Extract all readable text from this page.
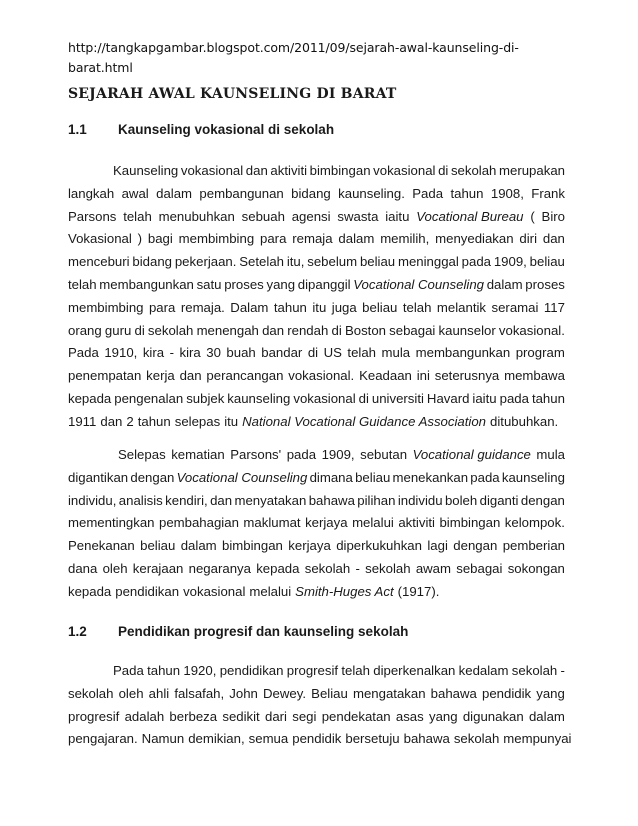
http://tangkapgambar.blogspot.com/2011/09/sejarah-awal-kaunseling-di-barat.html
SEJARAH AWAL KAUNSELING DI BARAT
1.1 Kaunseling vokasional di sekolah
Kaunseling vokasional dan aktiviti bimbingan vokasional di sekolah merupakan
langkah awal dalam pembangunan bidang kaunseling. Pada tahun 1908, Frank
Parsons telah menubuhkan sebuah agensi swasta iaitu Vocational Bureau ( Biro
Vokasional ) bagi membimbing para remaja dalam memilih, menyediakan diri dan
menceburi bidang pekerjaan. Setelah itu, sebelum beliau meninggal pada 1909, beliau
telah membangunkan satu proses yang dipanggil Vocational Counseling dalam proses
membimbing para remaja. Dalam tahun itu juga beliau telah melantik seramai 117
orang guru di sekolah menengah dan rendah di Boston sebagai kaunselor vokasional.
Pada 1910, kira - kira 30 buah bandar di US telah mula membangunkan program
penempatan kerja dan perancangan vokasional. Keadaan ini seterusnya membawa
kepada pengenalan subjek kaunseling vokasional di universiti Havard iaitu pada tahun
1911 dan 2 tahun selepas itu National Vocational Guidance Association ditubuhkan.
Selepas kematian Parsons' pada 1909, sebutan Vocational guidance mula
digantikan dengan Vocational Counseling dimana beliau menekankan pada kaunseling
individu, analisis kendiri, dan menyatakan bahawa pilihan individu boleh diganti dengan
mementingkan pembahagian maklumat kerjaya melalui aktiviti bimbingan kelompok.
Penekanan beliau dalam bimbingan kerjaya diperkukuhkan lagi dengan pemberian
dana oleh kerajaan negaranya kepada sekolah - sekolah awam sebagai sokongan
kepada pendidikan vokasional melalui Smith-Huges Act (1917).
1.2 Pendidikan progresif dan kaunseling sekolah
Pada tahun 1920, pendidikan progresif telah diperkenalkan kedalam sekolah -
sekolah oleh ahli falsafah, John Dewey. Beliau mengatakan bahawa pendidik yang
progresif adalah berbeza sedikit dari segi pendekatan asas yang digunakan dalam
pengajaran. Namun demikian, semua pendidik bersetuju bahawa sekolah mempunyai
